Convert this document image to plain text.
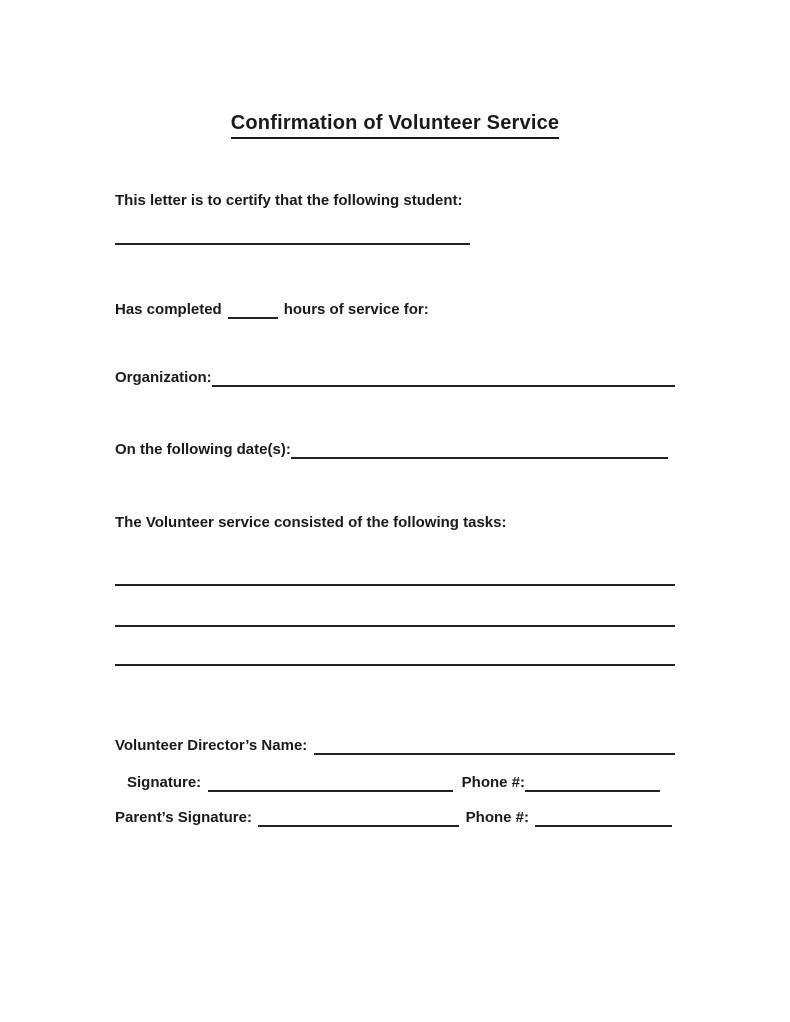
Confirmation of Volunteer Service
This letter is to certify that the following student:
Has completed	hours of service for:
Organization:
On the following date(s):
The Volunteer service consisted of the following tasks:
Volunteer Director’s Name:
Signature:	Phone #:
Parent’s Signature:	Phone #:
